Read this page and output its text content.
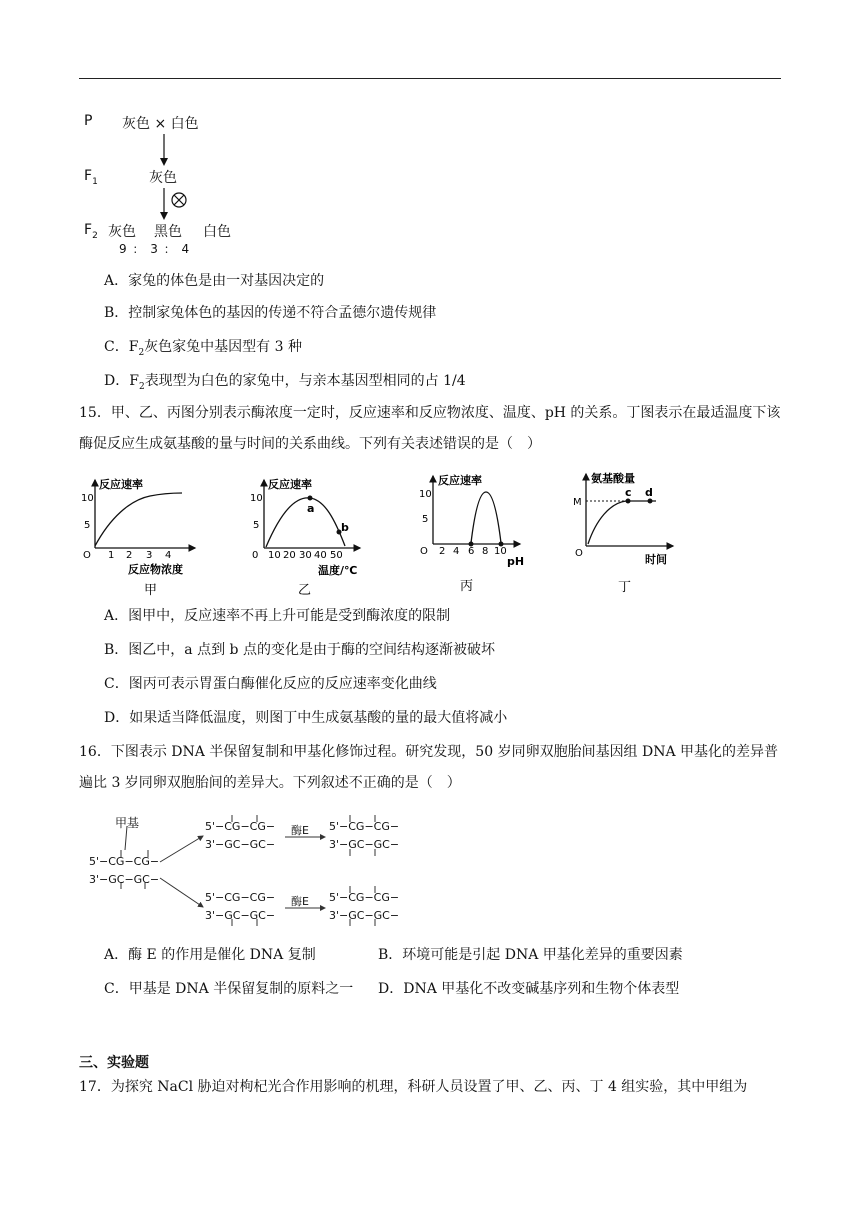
P 灰色 × 白色
$F_1$	灰色
$F_2$ 灰色 黑色 白色
9 ： 3 ： 4
A．家兔的体色是由一对基因决定的
B．控制家兔体色的基因的传递不符合孟德尔遗传规律
C．$F_2$灰色家兔中基因型有 3 种
D．$F_2$表现型为白色的家兔中，与亲本基因型相同的占 1/4
15．甲、乙、丙图分别表示酶浓度一定时，反应速率和反应物浓度、温度、pH 的关系。丁图表示在最适温度下该酶促反应生成氨基酸的量与时间的关系曲线。下列有关表述错误的是（　）
反应速率
10
5
O 1 2 3 4
反应物浓度
甲
反应速率
10
5
0 10 20 30 40 50
a
b
温度/℃
乙
反应速率
10
5
O 2 4 6 8 10
pH
丙
氨基酸量
M
c d
O	时间
丁
A．图甲中，反应速率不再上升可能是受到酶浓度的限制
B．图乙中，a 点到 b 点的变化是由于酶的空间结构逐渐被破坏
C．图丙可表示胃蛋白酶催化反应的反应速率变化曲线
D．如果适当降低温度，则图丁中生成氨基酸的量的最大值将减小
16．下图表示 DNA 半保留复制和甲基化修饰过程。研究发现，50 岁同卵双胞胎间基因组 DNA 甲基化的差异普遍比 3 岁同卵双胞胎间的差异大。下列叙述不正确的是（　）
甲基
5'−CG−CG−
3'−GC−GC−
5'−CG−CG−
3'−GC−GC−
酶E 5'−CG−CG−
3'−GC−GC−
5'−CG−CG−
3'−GC−GC−
酶E 5'−CG−CG−
3'−GC−GC−
A．酶 E 的作用是催化 DNA 复制	B．环境可能是引起 DNA 甲基化差异的重要因素
C．甲基是 DNA 半保留复制的原料之一 D．DNA 甲基化不改变碱基序列和生物个体表型
三、实验题
17．为探究 NaCl 胁迫对枸杞光合作用影响的机理，科研人员设置了甲、乙、丙、丁 4 组实验，其中甲组为
